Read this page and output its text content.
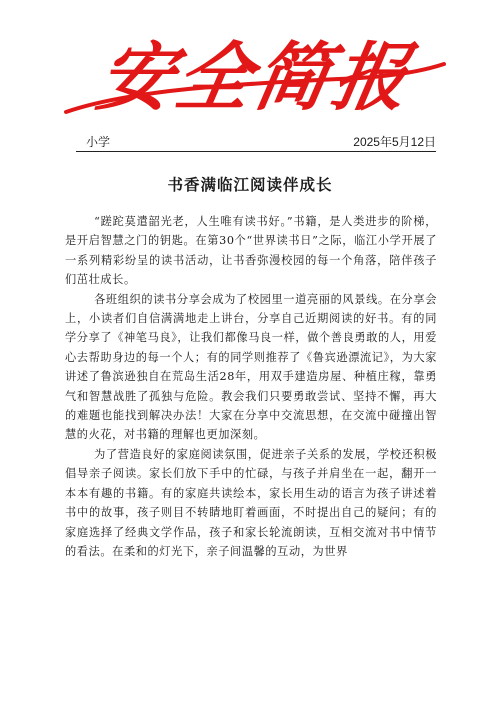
安全简报
小学	2025年5月12日
书香满临江阅读伴成长

“蹉跎莫遣韶光老，人生唯有读书好。”书籍，是人类进步的阶梯，是开启智慧之门的钥匙。在第30个“世界读书日”之际，临江小学开展了一系列精彩纷呈的读书活动，让书香弥漫校园的每一个角落，陪伴孩子们茁壮成长。

各班组织的读书分享会成为了校园里一道亮丽的风景线。在分享会上，小读者们自信满满地走上讲台，分享自己近期阅读的好书。有的同学分享了《神笔马良》，让我们都像马良一样，做个善良勇敢的人，用爱心去帮助身边的每一个人；有的同学则推荐了《鲁宾逊漂流记》，为大家讲述了鲁滨逊独自在荒岛生活28年，用双手建造房屋、种植庄稼，靠勇气和智慧战胜了孤独与危险。教会我们只要勇敢尝试、坚持不懈，再大的难题也能找到解决办法！大家在分享中交流思想，在交流中碰撞出智慧的火花，对书籍的理解也更加深刻。

为了营造良好的家庭阅读氛围，促进亲子关系的发展，学校还积极倡导亲子阅读。家长们放下手中的忙碌，与孩子并肩坐在一起，翻开一本本有趣的书籍。有的家庭共读绘本，家长用生动的语言为孩子讲述着书中的故事，孩子则目不转睛地盯着画面，不时提出自己的疑问；有的家庭选择了经典文学作品，孩子和家长轮流朗读，互相交流对书中情节的看法。在柔和的灯光下，亲子间温馨的互动，为世界
